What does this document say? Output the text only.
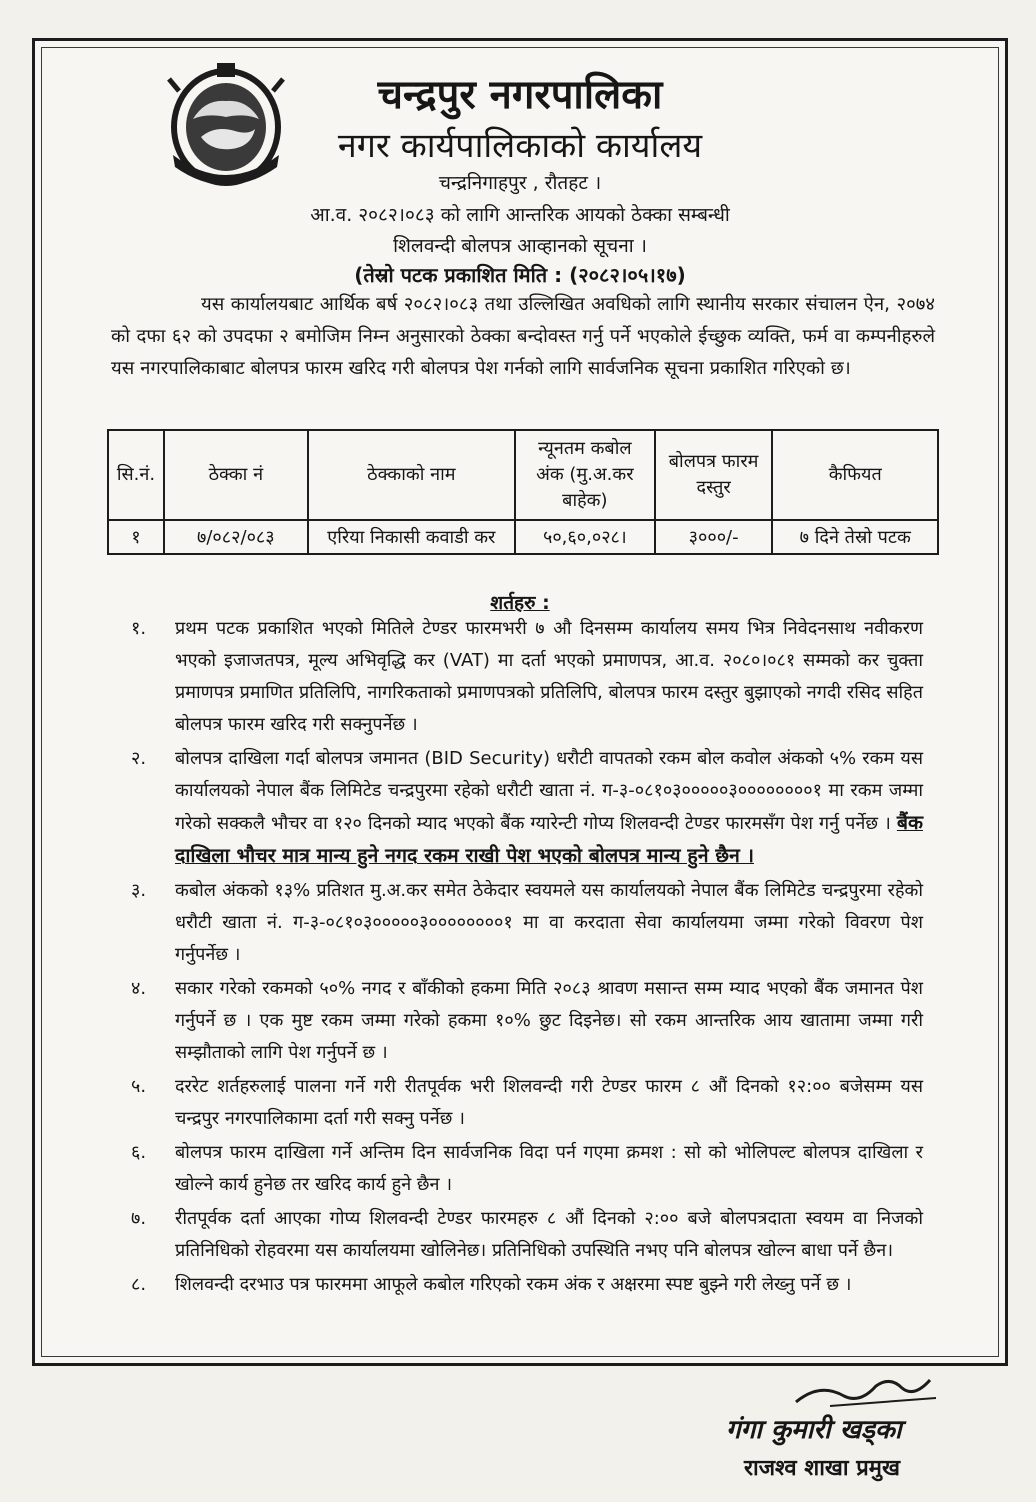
चन्द्रपुर नगरपालिका
नगर कार्यपालिकाको कार्यालय
चन्द्रनिगाहपुर , रौतहट ।
आ.व. २०८२।०८३ को लागि आन्तरिक आयको ठेक्का सम्बन्धी
शिलवन्दी बोलपत्र आव्हानको सूचना ।
(तेस्रो पटक प्रकाशित मिति : (२०८२।०५।१७)
यस कार्यालयबाट आर्थिक बर्ष २०८२।०८३ तथा उल्लिखित अवधिको लागि स्थानीय सरकार संचालन ऐन, २०७४ को दफा ६२ को उपदफा २ बमोजिम निम्न अनुसारको ठेक्का बन्दोवस्त गर्नु पर्ने भएकोले ईच्छुक व्यक्ति, फर्म वा कम्पनीहरुले यस नगरपालिकाबाट बोलपत्र फारम खरिद गरी बोलपत्र पेश गर्नको लागि सार्वजनिक सूचना प्रकाशित गरिएको छ।
सि.नं.	ठेक्का नं	ठेक्काको नाम	न्यूनतम कबोल अंक (मु.अ.कर बाहेक)	बोलपत्र फारम दस्तुर	कैफियत
१	७/०८२/०८३	एरिया निकासी कवाडी कर	५०,६०,०२८।	३०००/-	७ दिने तेस्रो पटक
शर्तहरु :
१.	प्रथम पटक प्रकाशित भएको मितिले टेण्डर फारमभरी ७ औ दिनसम्म कार्यालय समय भित्र निवेदनसाथ नवीकरण भएको इजाजतपत्र, मूल्य अभिवृद्धि कर (VAT) मा दर्ता भएको प्रमाणपत्र, आ.व. २०८०।०८१ सम्मको कर चुक्ता प्रमाणपत्र प्रमाणित प्रतिलिपि, नागरिकताको प्रमाणपत्रको प्रतिलिपि, बोलपत्र फारम दस्तुर बुझाएको नगदी रसिद सहित बोलपत्र फारम खरिद गरी सक्नुपर्नेछ ।
२.	बोलपत्र दाखिला गर्दा बोलपत्र जमानत (BID Security) धरौटी वापतको रकम बोल कवोल अंकको ५% रकम यस कार्यालयको नेपाल बैंक लिमिटेड चन्द्रपुरमा रहेको धरौटी खाता नं. ग-३-०८१०३०००००३००००००००१ मा रकम जम्मा गरेको सक्कलै भौचर वा १२० दिनको म्याद भएको बैंक ग्यारेन्टी गोप्य शिलवन्दी टेण्डर फारमसँग पेश गर्नु पर्नेछ । बैंक दाखिला भौचर मात्र मान्य हुने नगद रकम राखी पेश भएको बोलपत्र मान्य हुने छैन ।
३.	कबोल अंकको १३% प्रतिशत मु.अ.कर समेत ठेकेदार स्वयमले यस कार्यालयको नेपाल बैंक लिमिटेड चन्द्रपुरमा रहेको धरौटी खाता नं. ग-३-०८१०३०००००३००००००००१ मा वा करदाता सेवा कार्यालयमा जम्मा गरेको विवरण पेश गर्नुपर्नेछ ।
४.	सकार गरेको रकमको ५०% नगद र बाँकीको हकमा मिति २०८३ श्रावण मसान्त सम्म म्याद भएको बैंक जमानत पेश गर्नुपर्ने छ । एक मुष्ट रकम जम्मा गरेको हकमा १०% छुट दिइनेछ। सो रकम आन्तरिक आय खातामा जम्मा गरी सम्झौताको लागि पेश गर्नुपर्ने छ ।
५.	दररेट शर्तहरुलाई पालना गर्ने गरी रीतपूर्वक भरी शिलवन्दी गरी टेण्डर फारम ८ औं दिनको १२:०० बजेसम्म यस चन्द्रपुर नगरपालिकामा दर्ता गरी सक्नु पर्नेछ ।
६.	बोलपत्र फारम दाखिला गर्ने अन्तिम दिन सार्वजनिक विदा पर्न गएमा क्रमश : सो को भोलिपल्ट बोलपत्र दाखिला र खोल्ने कार्य हुनेछ तर खरिद कार्य हुने छैन ।
७.	रीतपूर्वक दर्ता आएका गोप्य शिलवन्दी टेण्डर फारमहरु ८ औं दिनको २:०० बजे बोलपत्रदाता स्वयम वा निजको प्रतिनिधिको रोहवरमा यस कार्यालयमा खोलिनेछ। प्रतिनिधिको उपस्थिति नभए पनि बोलपत्र खोल्न बाधा पर्ने छैन।
८.	शिलवन्दी दरभाउ पत्र फारममा आफूले कबोल गरिएको रकम अंक र अक्षरमा स्पष्ट बुझ्ने गरी लेख्नु पर्ने छ ।
गंगा कुमारी खड्का
राजश्व शाखा प्रमुख
